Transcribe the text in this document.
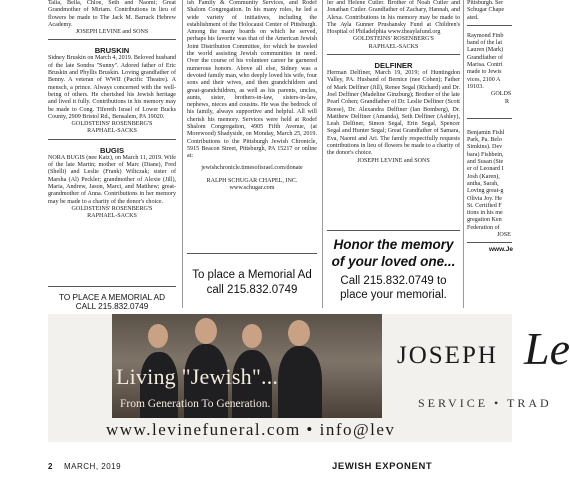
Talia, Bella, Chloe, Seth and Naomi; Great Grandmother of Miriam. Contributions in lieu of flowers be made to The Jack M. Barrack Hebrew Academy.

JOSEPH LEVINE and SONS

BRUSKIN

Sidney Bruskin on March 4, 2019. Beloved husband of the late Sondra "Sunny". Adored father of Eric Bruskin and Phyllis Bruskin. Loving grandfather of Benny. A veteran of WWII (Pacific Theatre). A mensch, a prince. Always concerned with the well-being of others. He cherished his Jewish heritage and lived it fully. Contributions in his memory may be made to Cong. Tifereth Israel of Lower Bucks County, 2909 Bristol Rd., Bensalem, PA 19020.

GOLDSTEINS' ROSENBERG'S

RAPHAEL-SACKS

BUGIS

NORA BUGIS (nee Katz), on March 11, 2019. Wife of the late Martin; mother of Marc (Diane), Fred (Shelli) and Leslie (Frank) Wiltczak; sister of Marsha (Al) Peckler; grandmother of Alexie (Jill), Maria, Andrew, Jason, Marci, and Matthew; great-grandmother of Anna. Contributions in her memory may be made to a charity of the donor's choice.

GOLDSTEINS' ROSENBERG'S

RAPHAEL-SACKS

TO PLACE A MEMORIAL AD
CALL 215.832.0749

ish Family & Community Services, and Rodef Shalom Congregation. In his many roles, he led a wide variety of initiatives, including the establishment of the Holocaust Center of Pittsburgh. Among the many boards on which he served, perhaps his favorite was that of the American Jewish Joint Distribution Committee, for which he traveled the world assisting Jewish communities in need. Over the course of his volunteer career he garnered numerous honors. Above all else, Sidney was a devoted family man, who deeply loved his wife, four sons and their wives, and then grandchildren and great-grandchildren, as well as his parents, uncles, aunts, sister, brothers-in-law, sisters-in-law, nephews, nieces and cousins. He was the bedrock of his family, always supportive and helpful. All will cherish his memory. Services were held at Rodef Shalom Congregation, 4905 Fifth Avenue, (at Morewood) Shadyside, on Monday, March 25, 2019. Contributions to the Pittsburgh Jewish Chronicle, 5915 Beacon Street, Pittsburgh, PA 15217 or online at:

jewishchronicle.timesofisrael.com/donate

RALPH SCHUGAR CHAPEL, INC.

www.schugar.com

To place a Memorial Ad
call 215.832.0749

ler and Helene Cutler. Brother of Noah Cutler and Jonathan Cutler. Grandfather of Zachary, Hannah, and Alexa. Contributions in his memory may be made to The Ayla Gunner Prushansky Fund at Children's Hospital of Philadelphia www.theaylafund.org

GOLDSTEINS' ROSENBERG'S

RAPHAEL-SACKS

DELFINER

Herman Delfiner, March 19, 2019; of Huntingdon Valley, PA. Husband of Bernice (nee Cohen); Father of Mark Delfiner (Jill), Renee Segal (Richard) and Dr. Joel Delfiner (Madeline Ginzburg); Brother of the late Pearl Cohen; Grandfather of Dr. Leslie Delfiner (Scott Reese), Dr. Alexandra Delfiner (Ian Bomberg), Dr. Matthew Delfiner (Amanda), Seth Delfiner (Ashley), Leah Delfiner, Simon Segal, Erin Segal, Spencer Segal and Hunter Segal; Great Grandfather of Samara, Eva, Naomi and Ari. The family respectfully requests contributions in lieu of flowers be made to a charity of the donor's choice.

JOSEPH LEVINE and SONS

Honor the memory
of your loved one...
Call 215.832.0749 to
place your memorial.
Pittsburgh. Ser
Schugar Chape
ated.
Raymond Finb
band of the lat
Lauren (Mark)
Grandfather of
Marisa. Contri
made to Jewis
vices, 2100 A
19103.

GOLDS

R

Benjamin Fishl
Park, Pa. Belo
Simkins). Dev
bara) Fishbein,
and Susan (Ste
er of Leonard I
Josh (Karen),
antha, Sarah,
Loving great-g
Olivia Joy. He
St. Certified F
tions in his me
gregation Ken
Federation of

JOSE

www.Je

Living "Jewish"...
From Generation To Generation.
JOSEPH Le
SERVICE • TRAD
www.levinefuneral.com • info@lev
2 MARCH, 2019	JEWISH EXPONENT
